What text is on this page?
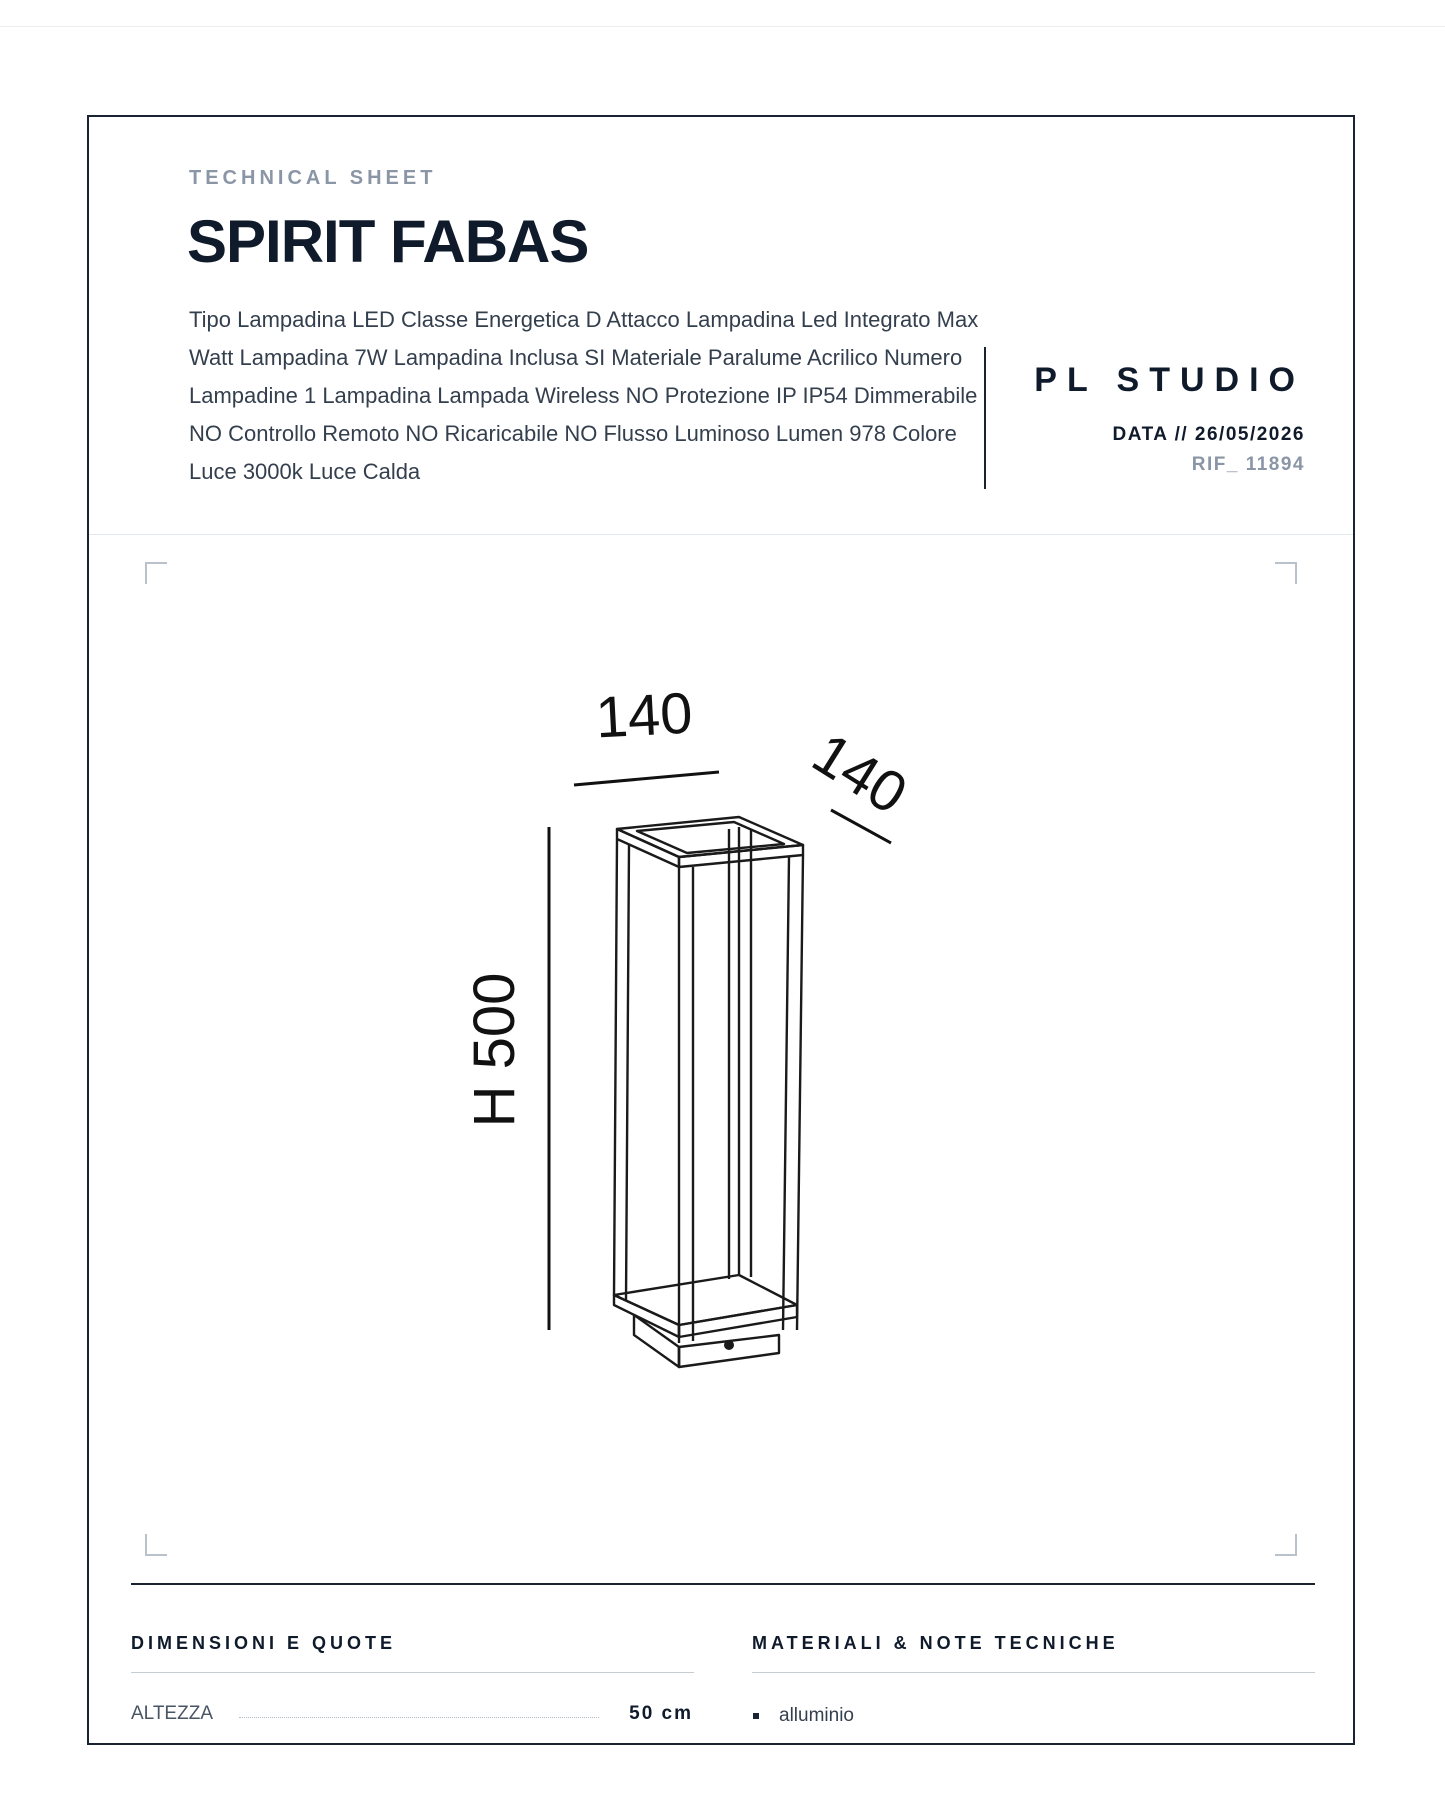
TECHNICAL SHEET
SPIRIT FABAS
Tipo Lampadina LED Classe Energetica D Attacco Lampadina Led Integrato Max Watt Lampadina 7W Lampadina Inclusa SI Materiale Paralume Acrilico Numero Lampadine 1 Lampadina Lampada Wireless NO Protezione IP IP54 Dimmerabile NO Controllo Remoto NO Ricaricabile NO Flusso Luminoso Lumen 978 Colore Luce 3000k Luce Calda
PL STUDIO
DATA // 26/05/2026
RIF_ 11894
140
140
H 500
DIMENSIONI E QUOTE
ALTEZZA	50 cm
MATERIALI & NOTE TECNICHE
alluminio
